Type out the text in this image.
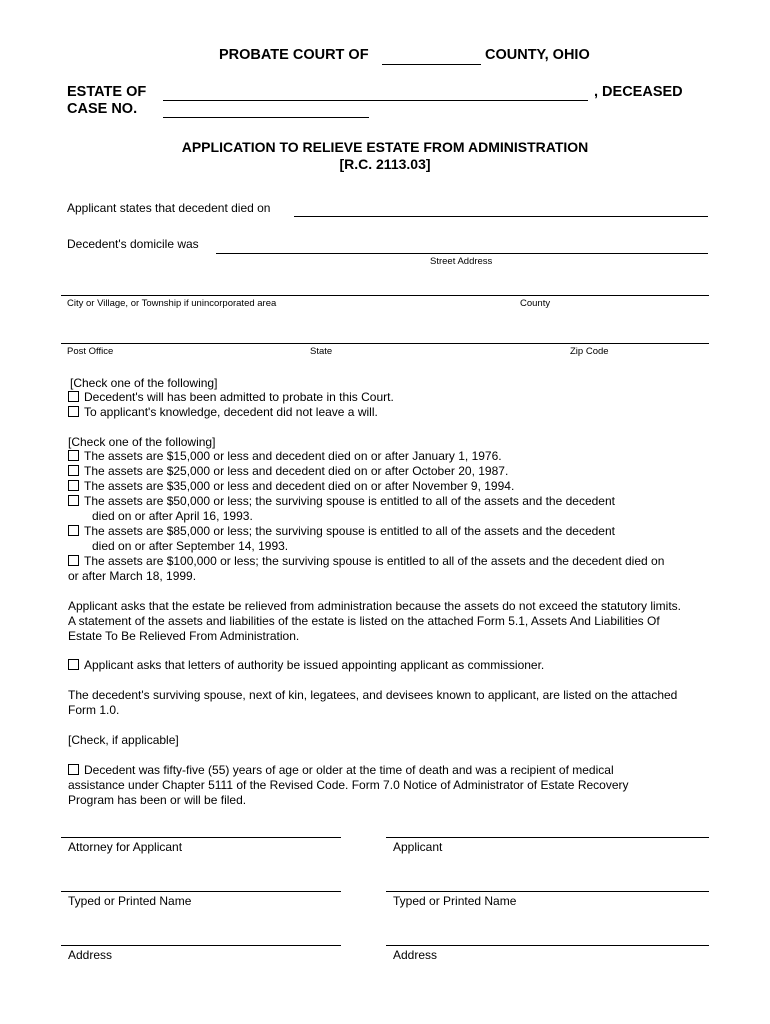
PROBATE COURT OF	COUNTY, OHIO
ESTATE OF	, DECEASED
CASE NO.
APPLICATION TO RELIEVE ESTATE FROM ADMINISTRATION
[R.C. 2113.03]
Applicant states that decedent died on
Decedent's domicile was
Street Address
City or Village, or Township if unincorporated area	County
Post Office	State	Zip Code
[Check one of the following]
Decedent's will has been admitted to probate in this Court.
To applicant's knowledge, decedent did not leave a will.
[Check one of the following]
The assets are $15,000 or less and decedent died on or after January 1, 1976.
The assets are $25,000 or less and decedent died on or after October 20, 1987.
The assets are $35,000 or less and decedent died on or after November 9, 1994.
The assets are $50,000 or less; the surviving spouse is entitled to all of the assets and the decedent
died on or after April 16, 1993.
The assets are $85,000 or less; the surviving spouse is entitled to all of the assets and the decedent
died on or after September 14, 1993.
The assets are $100,000 or less; the surviving spouse is entitled to all of the assets and the decedent died on
or after March 18, 1999.
Applicant asks that the estate be relieved from administration because the assets do not exceed the statutory limits. A statement of the assets and liabilities of the estate is listed on the attached Form 5.1, Assets And Liabilities Of Estate To Be Relieved From Administration.
Applicant asks that letters of authority be issued appointing applicant as commissioner.
The decedent's surviving spouse, next of kin, legatees, and devisees known to applicant, are listed on the attached Form 1.0.
[Check, if applicable]
Decedent was fifty-five (55) years of age or older at the time of death and was a recipient of medical assistance under Chapter 5111 of the Revised Code. Form 7.0 Notice of Administrator of Estate Recovery Program has been or will be filed.
Attorney for Applicant	Applicant
Typed or Printed Name	Typed or Printed Name
Address	Address
